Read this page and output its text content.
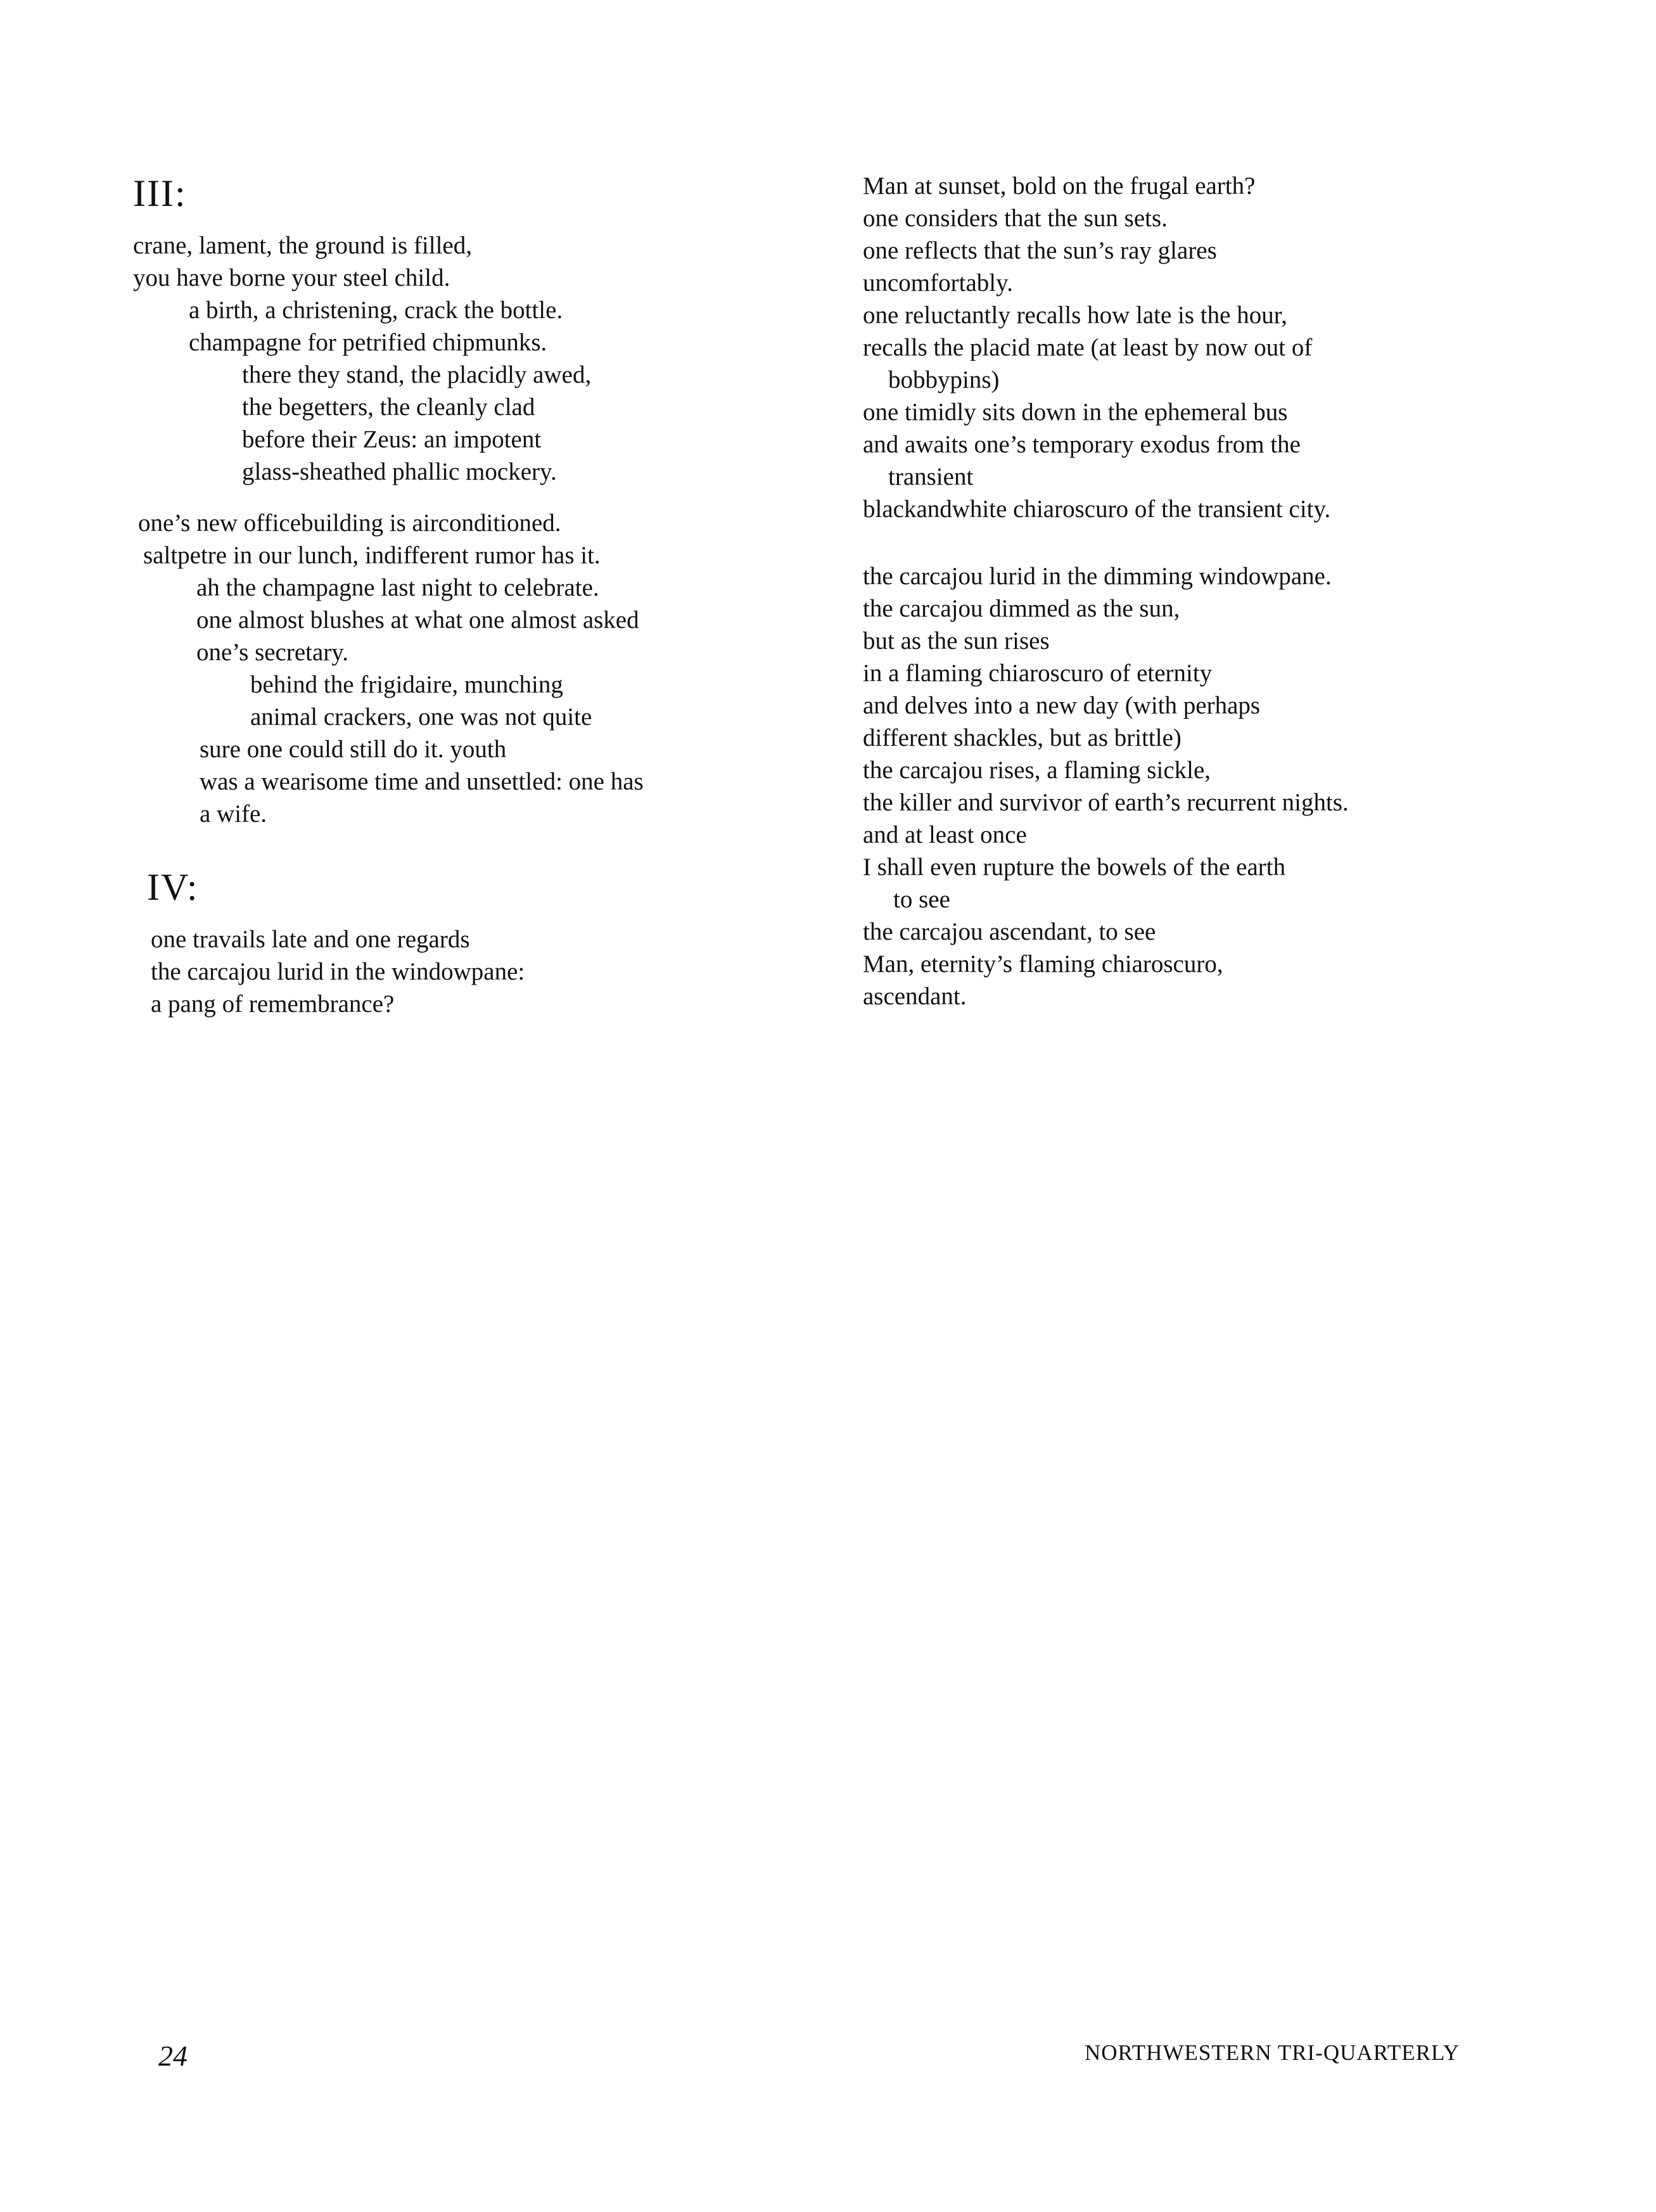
III:
crane, lament, the ground is filled,
you have borne your steel child.
a birth, a christening, crack the bottle.
champagne for petrified chipmunks.
there they stand, the placidly awed,
the begetters, the cleanly clad
before their Zeus: an impotent
glass-sheathed phallic mockery.
one’s new officebuilding is airconditioned.
saltpetre in our lunch, indifferent rumor has it.
ah the champagne last night to celebrate.
one almost blushes at what one almost asked
one’s secretary.
behind the frigidaire, munching
animal crackers, one was not quite
sure one could still do it. youth
was a wearisome time and unsettled: one has
a wife.
IV:
one travails late and one regards
the carcajou lurid in the windowpane:
a pang of remembrance?
Man at sunset, bold on the frugal earth?
one considers that the sun sets.
one reflects that the sun’s ray glares
uncomfortably.
one reluctantly recalls how late is the hour,
recalls the placid mate (at least by now out of
bobbypins)
one timidly sits down in the ephemeral bus
and awaits one’s temporary exodus from the
transient
blackandwhite chiaroscuro of the transient city.
the carcajou lurid in the dimming windowpane.
the carcajou dimmed as the sun,
but as the sun rises
in a flaming chiaroscuro of eternity
and delves into a new day (with perhaps
different shackles, but as brittle)
the carcajou rises, a flaming sickle,
the killer and survivor of earth’s recurrent nights.
and at least once
I shall even rupture the bowels of the earth
to see
the carcajou ascendant, to see
Man, eternity’s flaming chiaroscuro,
ascendant.
24	NORTHWESTERN TRI-QUARTERLY
